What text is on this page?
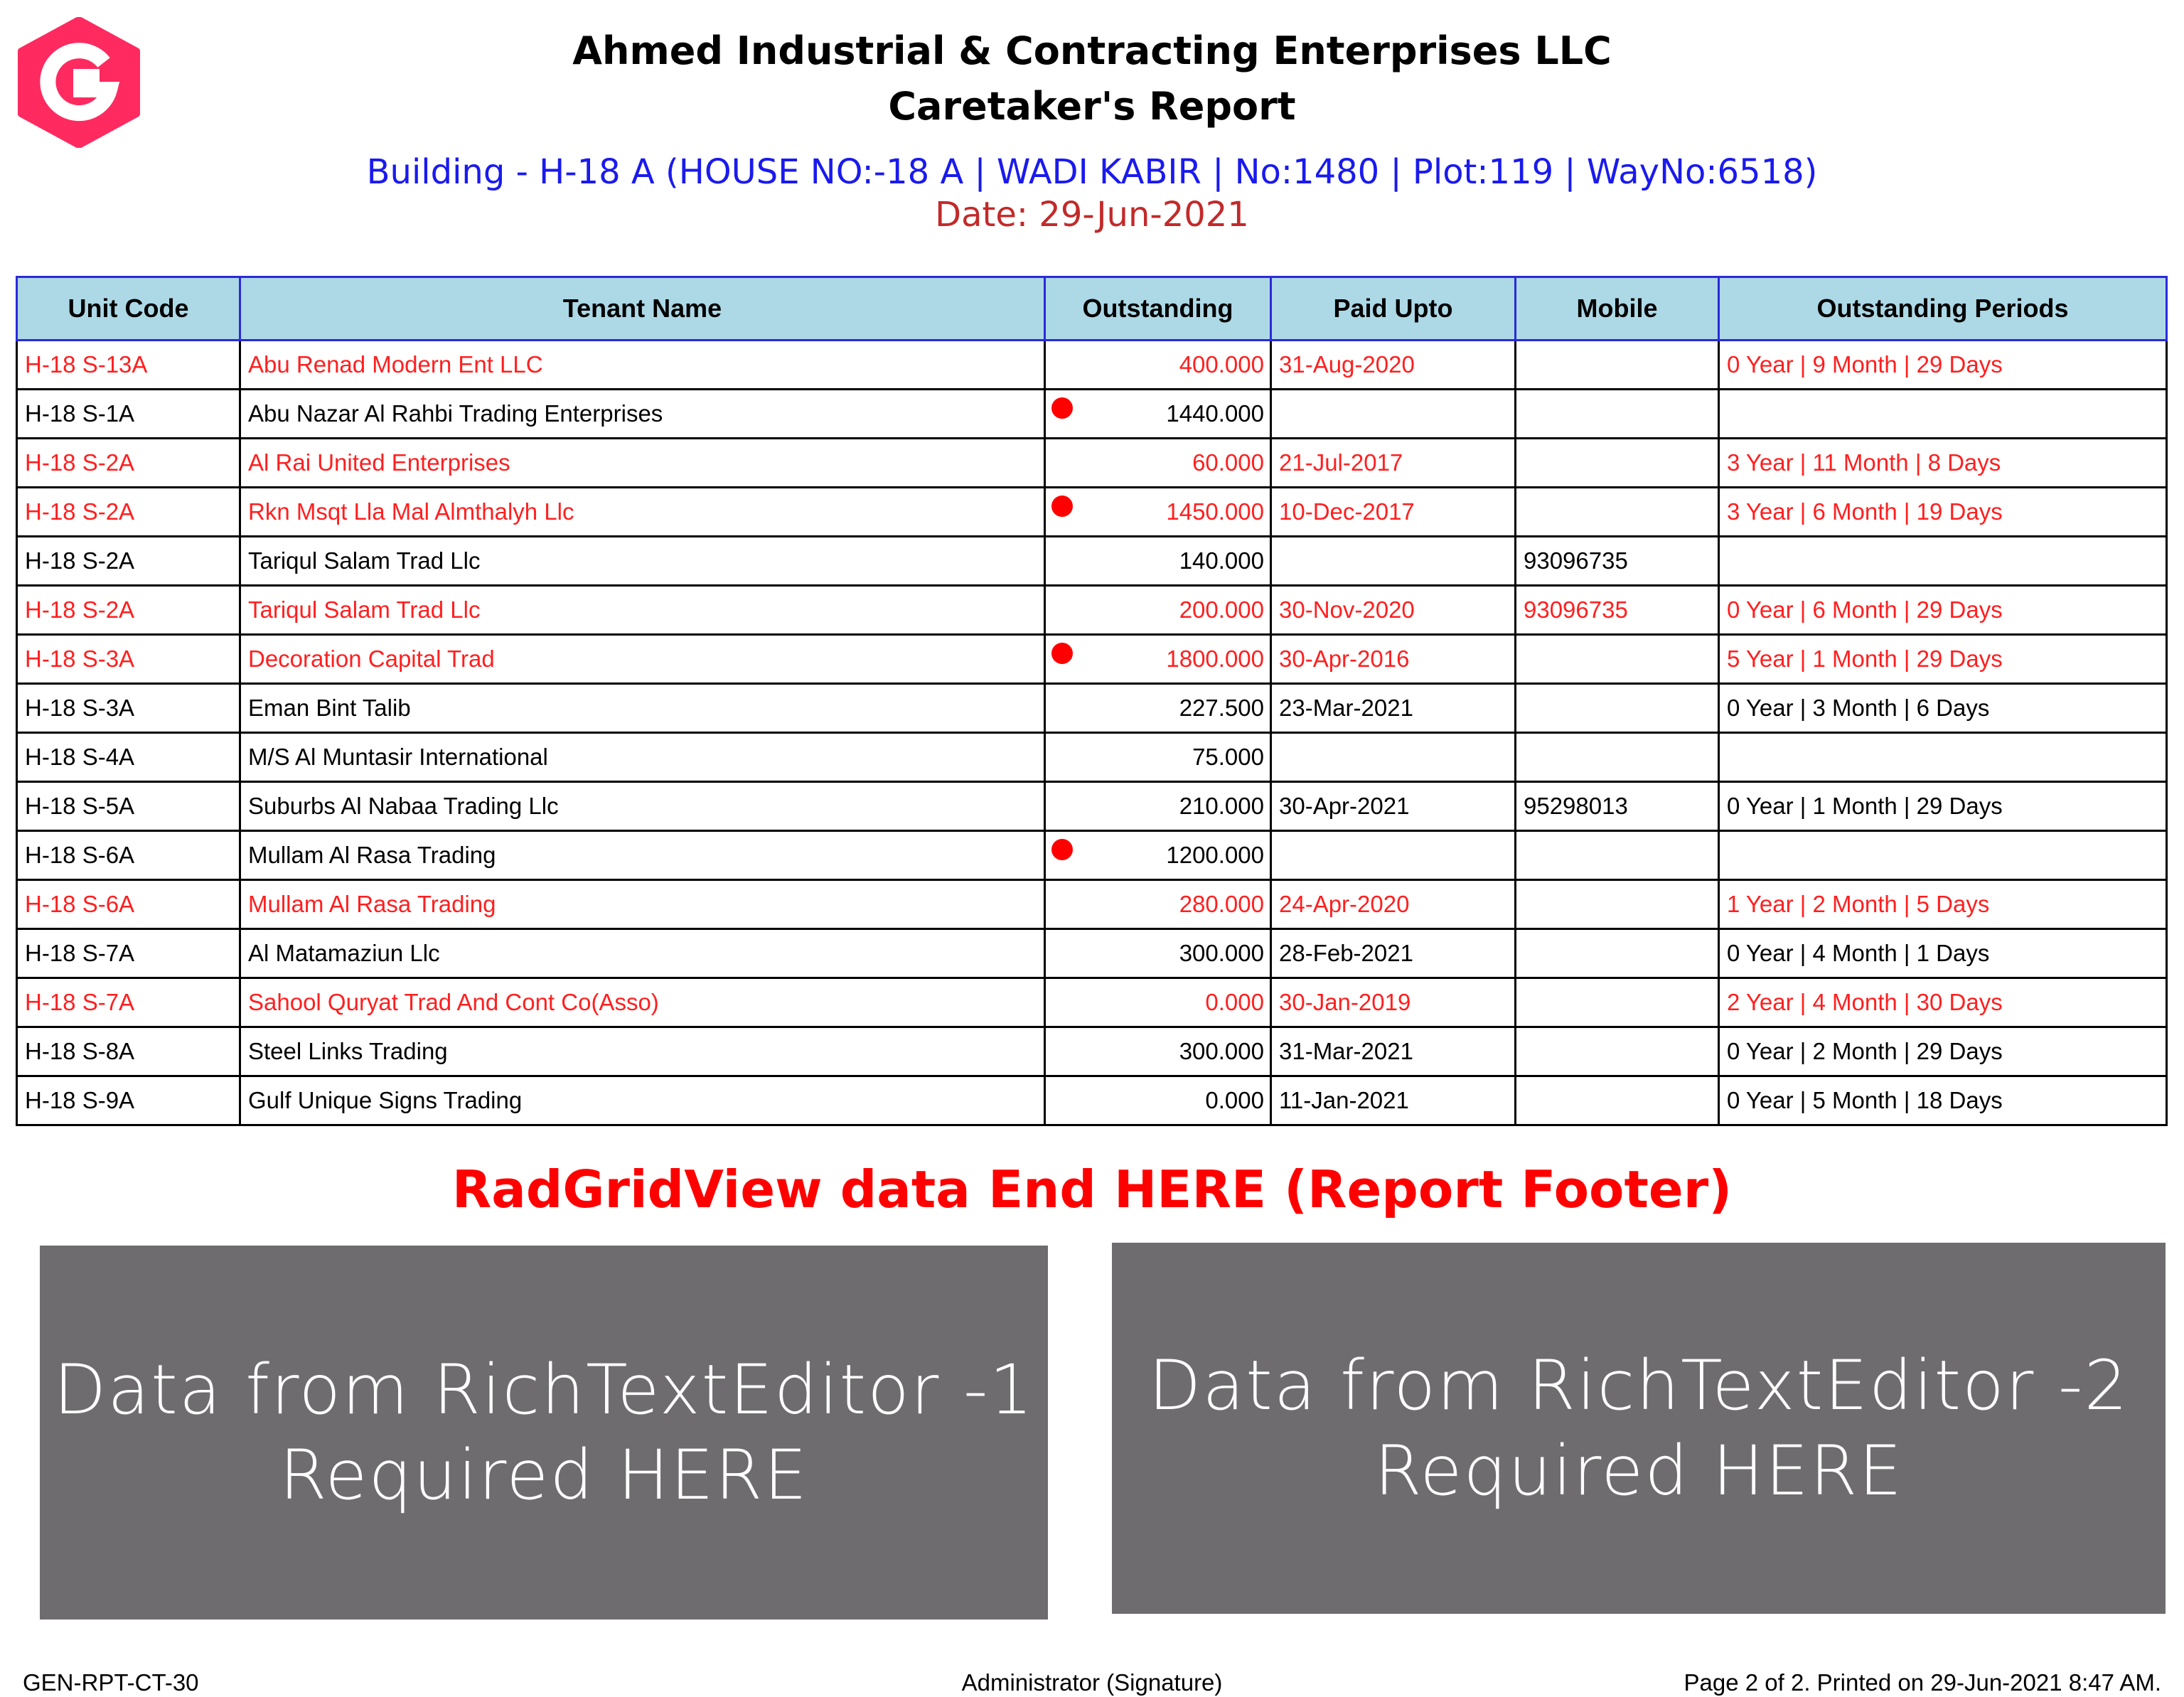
Ahmed Industrial & Contracting Enterprises LLC
Caretaker's Report
Building - H-18 A (HOUSE NO:-18 A | WADI KABIR | No:1480 | Plot:119 | WayNo:6518)
Date: 29-Jun-2021
Unit Code	Tenant Name	Outstanding	Paid Upto	Mobile	Outstanding Periods
H-18 S-13A	Abu Renad Modern Ent LLC	400.000	31-Aug-2020		0 Year | 9 Month | 29 Days
H-18 S-1A	Abu Nazar Al Rahbi Trading Enterprises	1440.000			
H-18 S-2A	Al Rai United Enterprises	60.000	21-Jul-2017		3 Year | 11 Month | 8 Days
H-18 S-2A	Rkn Msqt Lla Mal Almthalyh Llc	1450.000	10-Dec-2017		3 Year | 6 Month | 19 Days
H-18 S-2A	Tariqul Salam Trad Llc	140.000		93096735	
H-18 S-2A	Tariqul Salam Trad Llc	200.000	30-Nov-2020	93096735	0 Year | 6 Month | 29 Days
H-18 S-3A	Decoration Capital Trad	1800.000	30-Apr-2016		5 Year | 1 Month | 29 Days
H-18 S-3A	Eman Bint Talib	227.500	23-Mar-2021		0 Year | 3 Month | 6 Days
H-18 S-4A	M/S Al Muntasir International	75.000			
H-18 S-5A	Suburbs Al Nabaa Trading Llc	210.000	30-Apr-2021	95298013	0 Year | 1 Month | 29 Days
H-18 S-6A	Mullam Al Rasa Trading	1200.000			
H-18 S-6A	Mullam Al Rasa Trading	280.000	24-Apr-2020		1 Year | 2 Month | 5 Days
H-18 S-7A	Al Matamaziun Llc	300.000	28-Feb-2021		0 Year | 4 Month | 1 Days
H-18 S-7A	Sahool Quryat Trad And Cont Co(Asso)	0.000	30-Jan-2019		2 Year | 4 Month | 30 Days
H-18 S-8A	Steel Links Trading	300.000	31-Mar-2021		0 Year | 2 Month | 29 Days
H-18 S-9A	Gulf Unique Signs Trading	0.000	11-Jan-2021		0 Year | 5 Month | 18 Days
RadGridView data End HERE (Report Footer)
Data from RichTextEditor -1
Required HERE
Data from RichTextEditor -2
Required HERE
GEN-RPT-CT-30	Administrator (Signature)	Page 2 of 2. Printed on 29-Jun-2021 8:47 AM.
